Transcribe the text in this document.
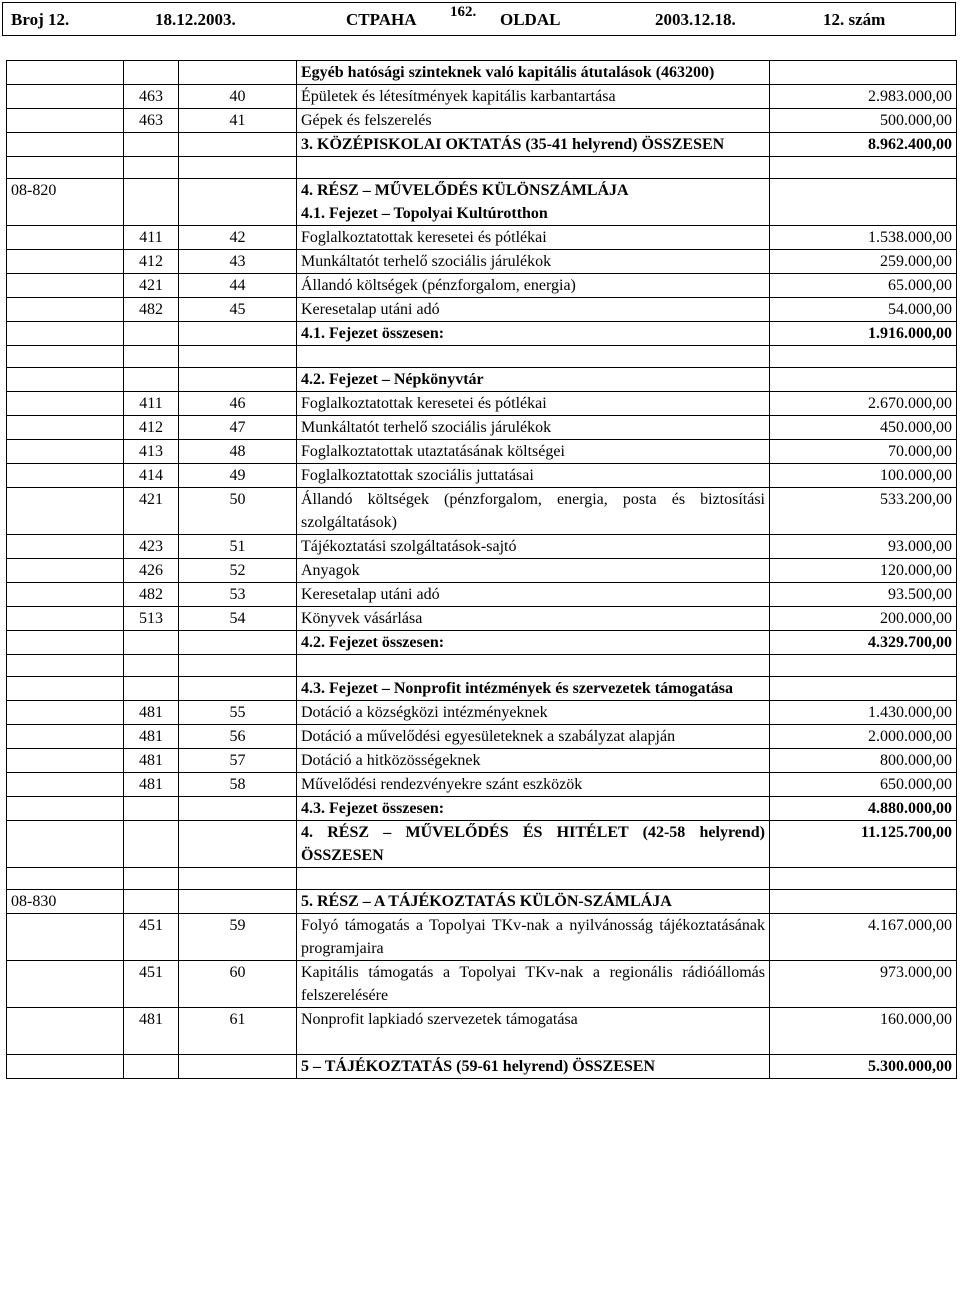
Broj 12.	18.12.2003.	CTPAHA 162. OLDAL	2003.12.18.	12. szám
			Egyéb hatósági szinteknek való kapitális átutalások (463200)	
	463	40	Épületek és létesítmények kapitális karbantartása	2.983.000,00
	463	41	Gépek és felszerelés	500.000,00
			3. KÖZÉPISKOLAI OKTATÁS (35-41 helyrend) ÖSSZESEN	8.962.400,00

08-820			4. RÉSZ – MŰVELŐDÉS KÜLÖNSZÁMLÁJA	
			4.1. Fejezet – Topolyai Kultúrotthon	
	411	42	Foglalkoztatottak keresetei és pótlékai	1.538.000,00
	412	43	Munkáltatót terhelő szociális járulékok	259.000,00
	421	44	Állandó költségek (pénzforgalom, energia)	65.000,00
	482	45	Keresetalap utáni adó	54.000,00
			4.1. Fejezet összesen:	1.916.000,00

			4.2. Fejezet – Népkönyvtár	
	411	46	Foglalkoztatottak keresetei és pótlékai	2.670.000,00
	412	47	Munkáltatót terhelő szociális járulékok	450.000,00
	413	48	Foglalkoztatottak utaztatásának költségei	70.000,00
	414	49	Foglalkoztatottak szociális juttatásai	100.000,00
	421	50	Állandó költségek (pénzforgalom, energia, posta és biztosítási szolgáltatások)	533.200,00
	423	51	Tájékoztatási szolgáltatások-sajtó	93.000,00
	426	52	Anyagok	120.000,00
	482	53	Keresetalap utáni adó	93.500,00
	513	54	Könyvek vásárlása	200.000,00
			4.2. Fejezet összesen:	4.329.700,00

			4.3. Fejezet – Nonprofit intézmények és szervezetek támogatása	
	481	55	Dotáció a községközi intézményeknek	1.430.000,00
	481	56	Dotáció a művelődési egyesületeknek a szabályzat alapján	2.000.000,00
	481	57	Dotáció a hitközösségeknek	800.000,00
	481	58	Művelődési rendezvényekre szánt eszközök	650.000,00
			4.3. Fejezet összesen:	4.880.000,00
			4. RÉSZ – MŰVELŐDÉS ÉS HITÉLET (42-58 helyrend) ÖSSZESEN	11.125.700,00

08-830			5. RÉSZ – A TÁJÉKOZTATÁS KÜLÖN-SZÁMLÁJA	
	451	59	Folyó támogatás a Topolyai TKv-nak a nyilvánosság tájékoztatásának programjaira	4.167.000,00
	451	60	Kapitális támogatás a Topolyai TKv-nak a regionális rádióállomás felszerelésére	973.000,00
	481	61	Nonprofit lapkiadó szervezetek támogatása	160.000,00
			5 – TÁJÉKOZTATÁS (59-61 helyrend) ÖSSZESEN	5.300.000,00
